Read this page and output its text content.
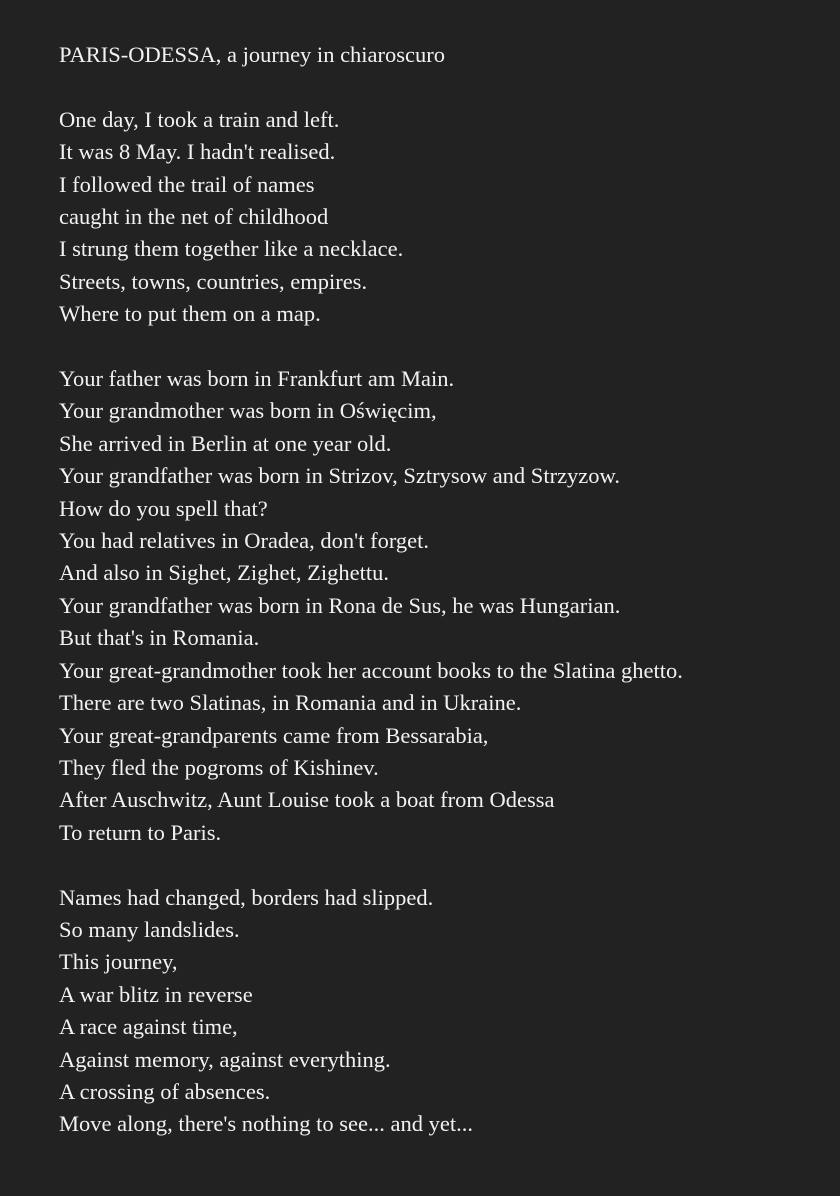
PARIS-ODESSA, a journey in chiaroscuro
One day, I took a train and left.
It was 8 May. I hadn't realised.
I followed the trail of names
caught in the net of childhood
I strung them together like a necklace.
Streets, towns, countries, empires.
Where to put them on a map.
Your father was born in Frankfurt am Main.
Your grandmother was born in Oświęcim,
She arrived in Berlin at one year old.
Your grandfather was born in Strizov, Sztrysow and Strzyzow.
How do you spell that?
You had relatives in Oradea, don't forget.
And also in Sighet, Zighet, Zighettu.
Your grandfather was born in Rona de Sus, he was Hungarian.
But that's in Romania.
Your great-grandmother took her account books to the Slatina ghetto.
There are two Slatinas, in Romania and in Ukraine.
Your great-grandparents came from Bessarabia,
They fled the pogroms of Kishinev.
After Auschwitz, Aunt Louise took a boat from Odessa
To return to Paris.
Names had changed, borders had slipped.
So many landslides.
This journey,
A war blitz in reverse
A race against time,
Against memory, against everything.
A crossing of absences.
Move along, there's nothing to see... and yet...
